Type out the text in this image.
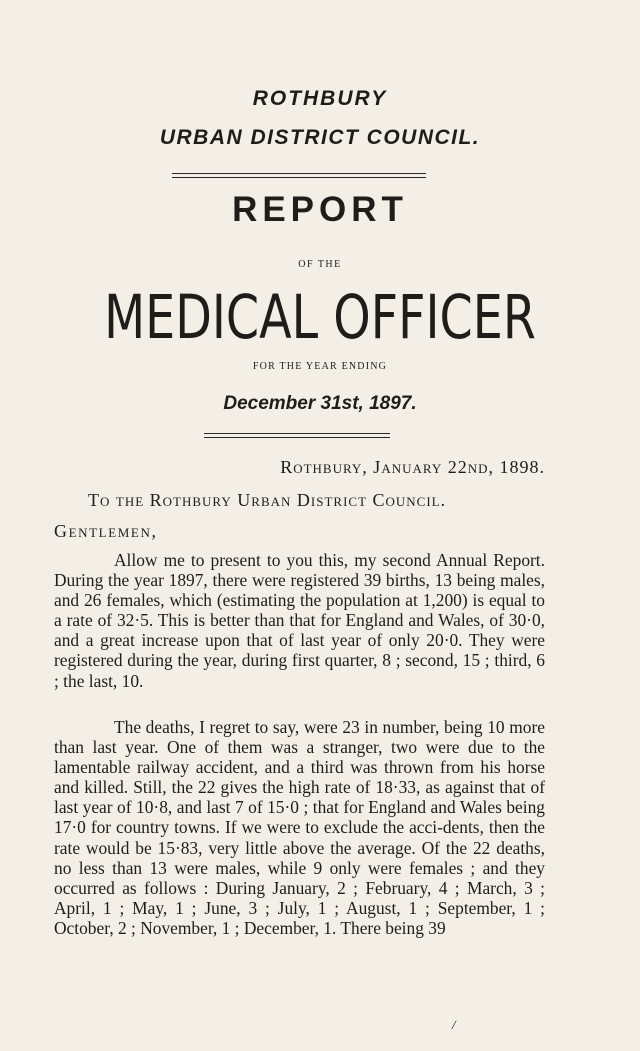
ROTHBURY
URBAN DISTRICT COUNCIL.
REPORT
OF THE
MEDICAL OFFICER
FOR THE YEAR ENDING
December 31st, 1897.
Rothbury, January 22nd, 1898.
To the Rothbury Urban District Council.
Gentlemen,

Allow me to present to you this, my second Annual Report. During the year 1897, there were registered 39 births, 13 being males, and 26 females, which (estimating the population at 1,200) is equal to a rate of 32·5. This is better than that for England and Wales, of 30·0, and a great increase upon that of last year of only 20·0. They were registered during the year, during first quarter, 8 ; second, 15 ; third, 6 ; the last, 10.

The deaths, I regret to say, were 23 in number, being 10 more than last year. One of them was a stranger, two were due to the lamentable railway accident, and a third was thrown from his horse and killed. Still, the 22 gives the high rate of 18·33, as against that of last year of 10·8, and last 7 of 15·0 ; that for England and Wales being 17·0 for country towns. If we were to exclude the acci-dents, then the rate would be 15·83, very little above the average. Of the 22 deaths, no less than 13 were males, while 9 only were females ; and they occurred as follows : During January, 2 ; February, 4 ; March, 3 ; April, 1 ; May, 1 ; June, 3 ; July, 1 ; August, 1 ; September, 1 ; October, 2 ; November, 1 ; December, 1. There being 39

/
